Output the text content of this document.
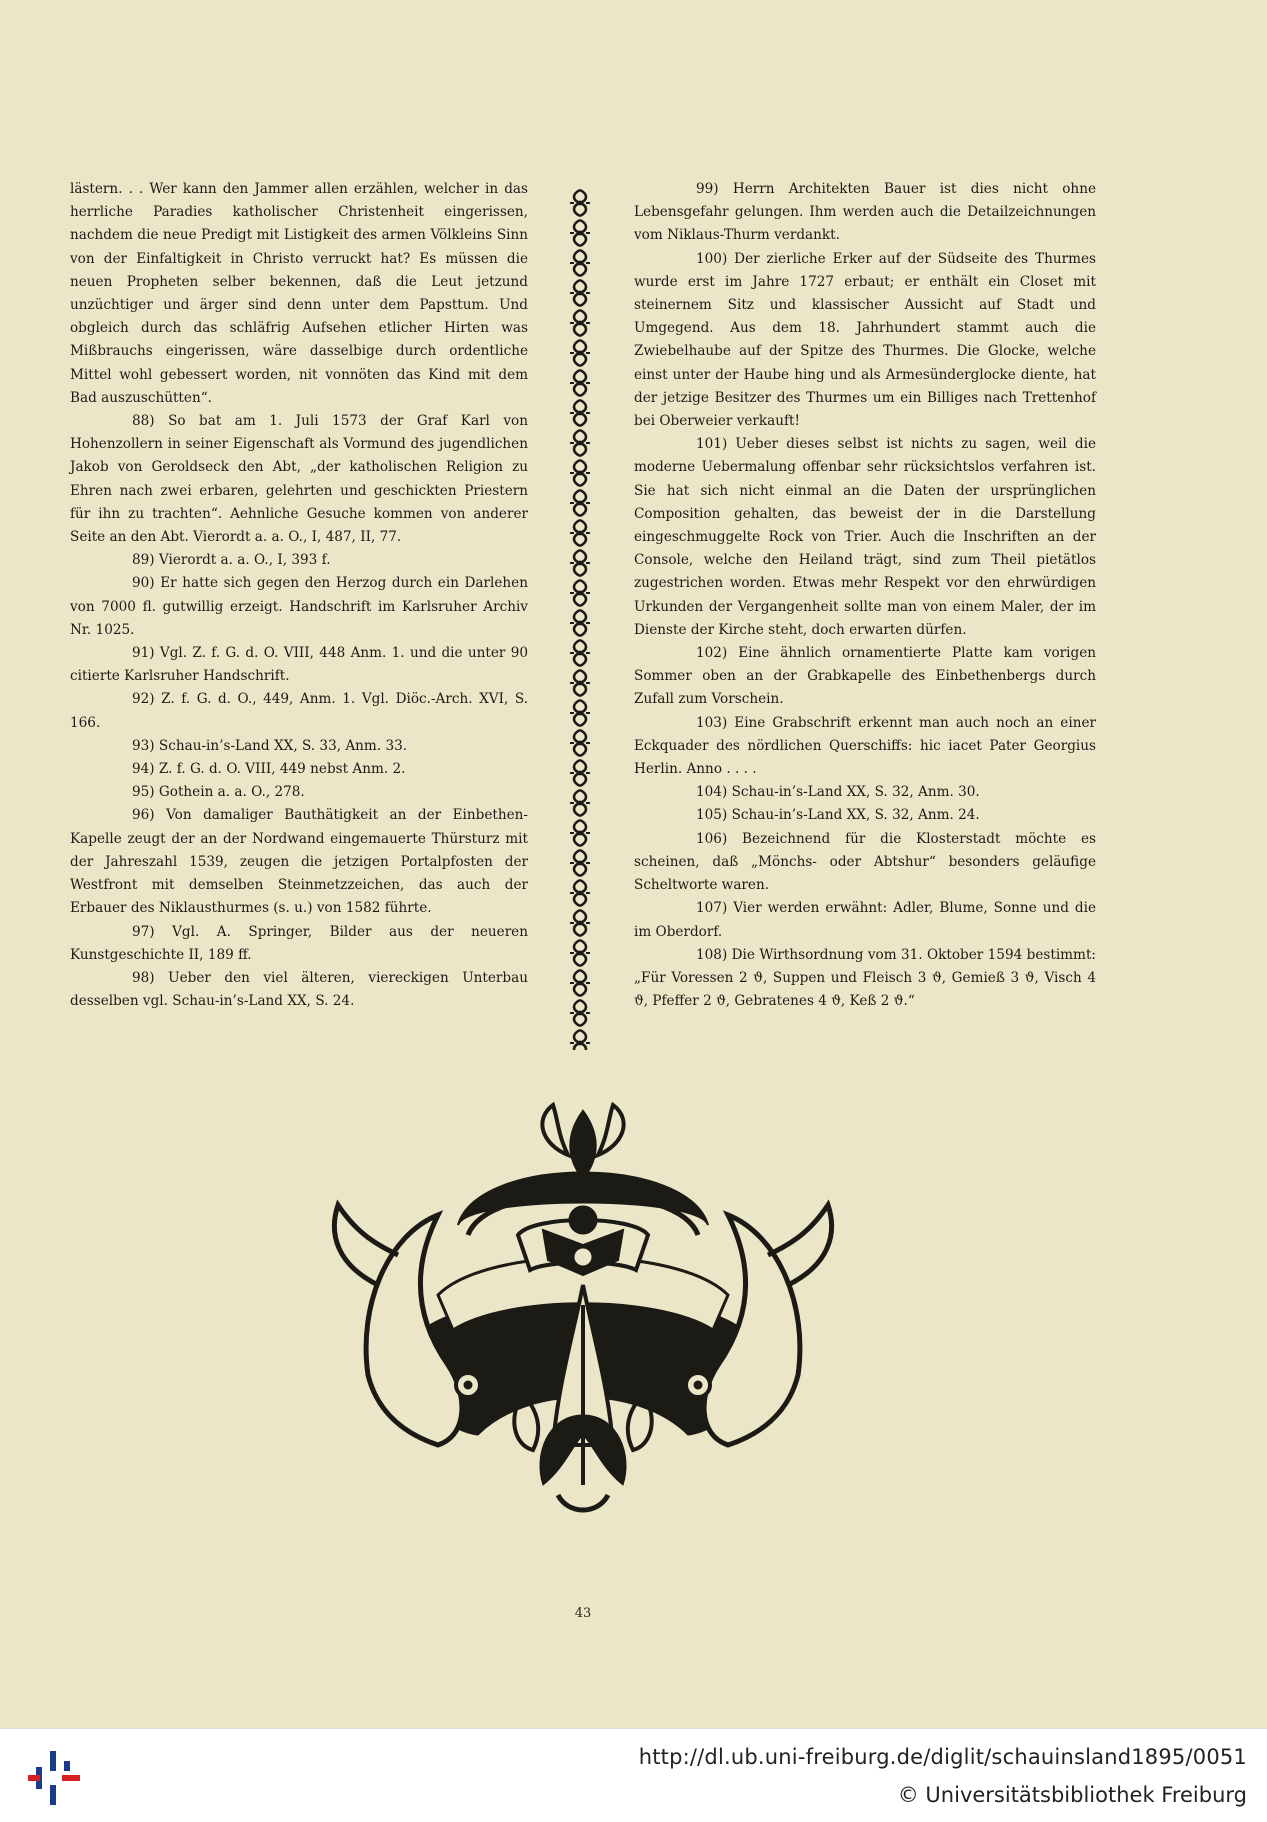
lästern. . . Wer kann den Jammer allen erzählen, welcher in das herrliche Paradies katholischer Christenheit eingerissen, nachdem die neue Predigt mit Listigkeit des armen Völkleins Sinn von der Einfaltigkeit in Christo verruckt hat? Es müssen die neuen Propheten selber bekennen, daß die Leut jetzund unzüchtiger und ärger sind denn unter dem Papsttum. Und obgleich durch das schläfrig Aufsehen etlicher Hirten was Mißbrauchs eingerissen, wäre dasselbige durch ordentliche Mittel wohl gebessert worden, nit vonnöten das Kind mit dem Bad auszuschütten“.

88) So bat am 1. Juli 1573 der Graf Karl von Hohenzollern in seiner Eigenschaft als Vormund des jugendlichen Jakob von Geroldseck den Abt, „der katholischen Religion zu Ehren nach zwei erbaren, gelehrten und geschickten Priestern für ihn zu trachten“. Aehnliche Gesuche kommen von anderer Seite an den Abt. Vierordt a. a. O., I, 487, II, 77.

89) Vierordt a. a. O., I, 393 f.

90) Er hatte sich gegen den Herzog durch ein Darlehen von 7000 fl. gutwillig erzeigt. Handschrift im Karlsruher Archiv Nr. 1025.

91) Vgl. Z. f. G. d. O. VIII, 448 Anm. 1. und die unter 90 citierte Karlsruher Handschrift.

92) Z. f. G. d. O., 449, Anm. 1. Vgl. Diöc.-Arch. XVI, S. 166.

93) Schau-in’s-Land XX, S. 33, Anm. 33.

94) Z. f. G. d. O. VIII, 449 nebst Anm. 2.

95) Gothein a. a. O., 278.

96) Von damaliger Bauthätigkeit an der Einbethen-Kapelle zeugt der an der Nordwand eingemauerte Thürsturz mit der Jahreszahl 1539, zeugen die jetzigen Portalpfosten der Westfront mit demselben Steinmetzzeichen, das auch der Erbauer des Niklausthurmes (s. u.) von 1582 führte.

97) Vgl. A. Springer, Bilder aus der neueren Kunstgeschichte II, 189 ff.

98) Ueber den viel älteren, viereckigen Unterbau desselben vgl. Schau-in’s-Land XX, S. 24.

99) Herrn Architekten Bauer ist dies nicht ohne Lebensgefahr gelungen. Ihm werden auch die Detailzeichnungen vom Niklaus-Thurm verdankt.

100) Der zierliche Erker auf der Südseite des Thurmes wurde erst im Jahre 1727 erbaut; er enthält ein Closet mit steinernem Sitz und klassischer Aussicht auf Stadt und Umgegend. Aus dem 18. Jahrhundert stammt auch die Zwiebelhaube auf der Spitze des Thurmes. Die Glocke, welche einst unter der Haube hing und als Armesünderglocke diente, hat der jetzige Besitzer des Thurmes um ein Billiges nach Trettenhof bei Oberweier verkauft!

101) Ueber dieses selbst ist nichts zu sagen, weil die moderne Uebermalung offenbar sehr rücksichtslos verfahren ist. Sie hat sich nicht einmal an die Daten der ursprünglichen Composition gehalten, das beweist der in die Darstellung eingeschmuggelte Rock von Trier. Auch die Inschriften an der Console, welche den Heiland trägt, sind zum Theil pietätlos zugestrichen worden. Etwas mehr Respekt vor den ehrwürdigen Urkunden der Vergangenheit sollte man von einem Maler, der im Dienste der Kirche steht, doch erwarten dürfen.

102) Eine ähnlich ornamentierte Platte kam vorigen Sommer oben an der Grabkapelle des Einbethenbergs durch Zufall zum Vorschein.

103) Eine Grabschrift erkennt man auch noch an einer Eckquader des nördlichen Querschiffs: hic iacet Pater Georgius Herlin. Anno . . . .

104) Schau-in’s-Land XX, S. 32, Anm. 30.

105) Schau-in’s-Land XX, S. 32, Anm. 24.

106) Bezeichnend für die Klosterstadt möchte es scheinen, daß „Mönchs- oder Abtshur“ besonders geläufige Scheltworte waren.

107) Vier werden erwähnt: Adler, Blume, Sonne und die im Oberdorf.

108) Die Wirthsordnung vom 31. Oktober 1594 bestimmt: „Für Voressen 2 ϑ, Suppen und Fleisch 3 ϑ, Gemieß 3 ϑ, Visch 4 ϑ, Pfeffer 2 ϑ, Gebratenes 4 ϑ, Keß 2 ϑ.“

43
http://dl.ub.uni-freiburg.de/diglit/schauinsland1895/0051
© Universitätsbibliothek Freiburg
